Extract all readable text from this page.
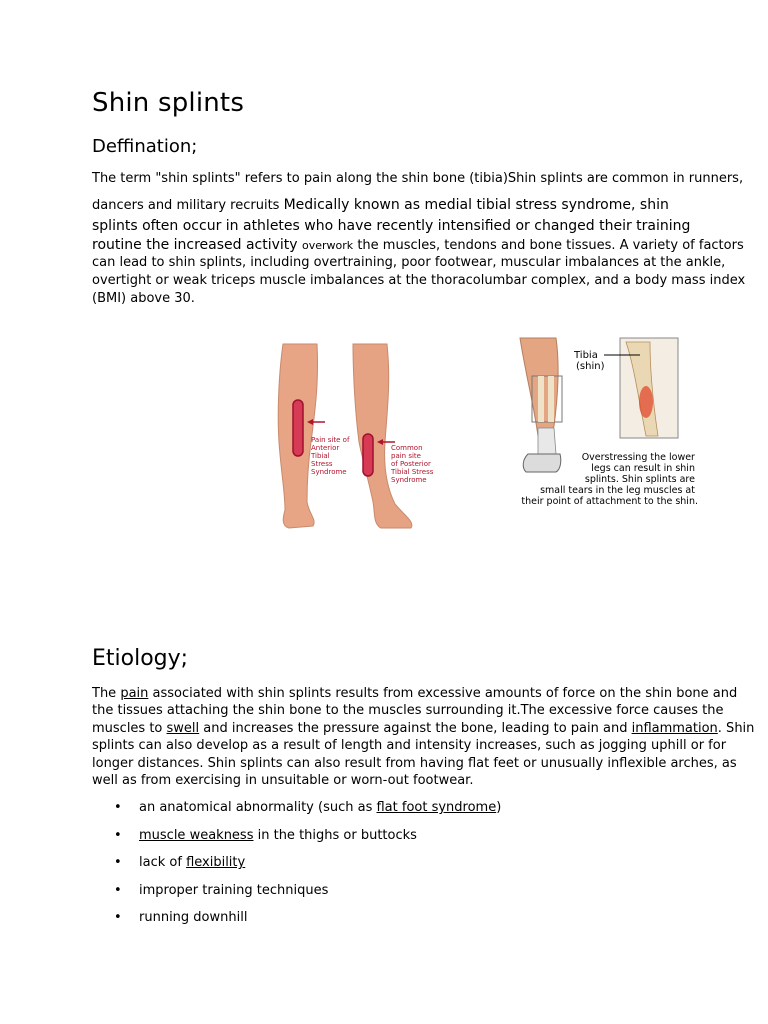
Shin splints
Deffination;
The term "shin splints" refers to pain along the shin bone (tibia)Shin splints are common in runners,
dancers and military recruits Medically known as medial tibial stress syndrome, shin
splints often occur in athletes who have recently intensified or changed their training
routine the increased activity overwork the muscles, tendons and bone tissues. A variety of factors
can lead to shin splints, including overtraining, poor footwear, muscular imbalances at the ankle,
overtight or weak triceps muscle imbalances at the thoracolumbar complex, and a body mass index
(BMI) above 30.
Pain site of Anterior Tibial Stress Syndrome
Common pain site of Posterior Tibial Stress Syndrome
Tibia (shin)
Overstressing the lower legs can result in shin splints. Shin splints are small tears in the leg muscles at their point of attachment to the shin.
Etiology;
The pain associated with shin splints results from excessive amounts of force on the shin bone and
the tissues attaching the shin bone to the muscles surrounding it.The excessive force causes the
muscles to swell and increases the pressure against the bone, leading to pain and inflammation. Shin
splints can also develop as a result of length and intensity increases, such as jogging uphill or for
longer distances. Shin splints can also result from having flat feet or unusually inflexible arches, as
well as from exercising in unsuitable or worn-out footwear.
• an anatomical abnormality (such as flat foot syndrome)
• muscle weakness in the thighs or buttocks
• lack of flexibility
• improper training techniques
• running downhill
